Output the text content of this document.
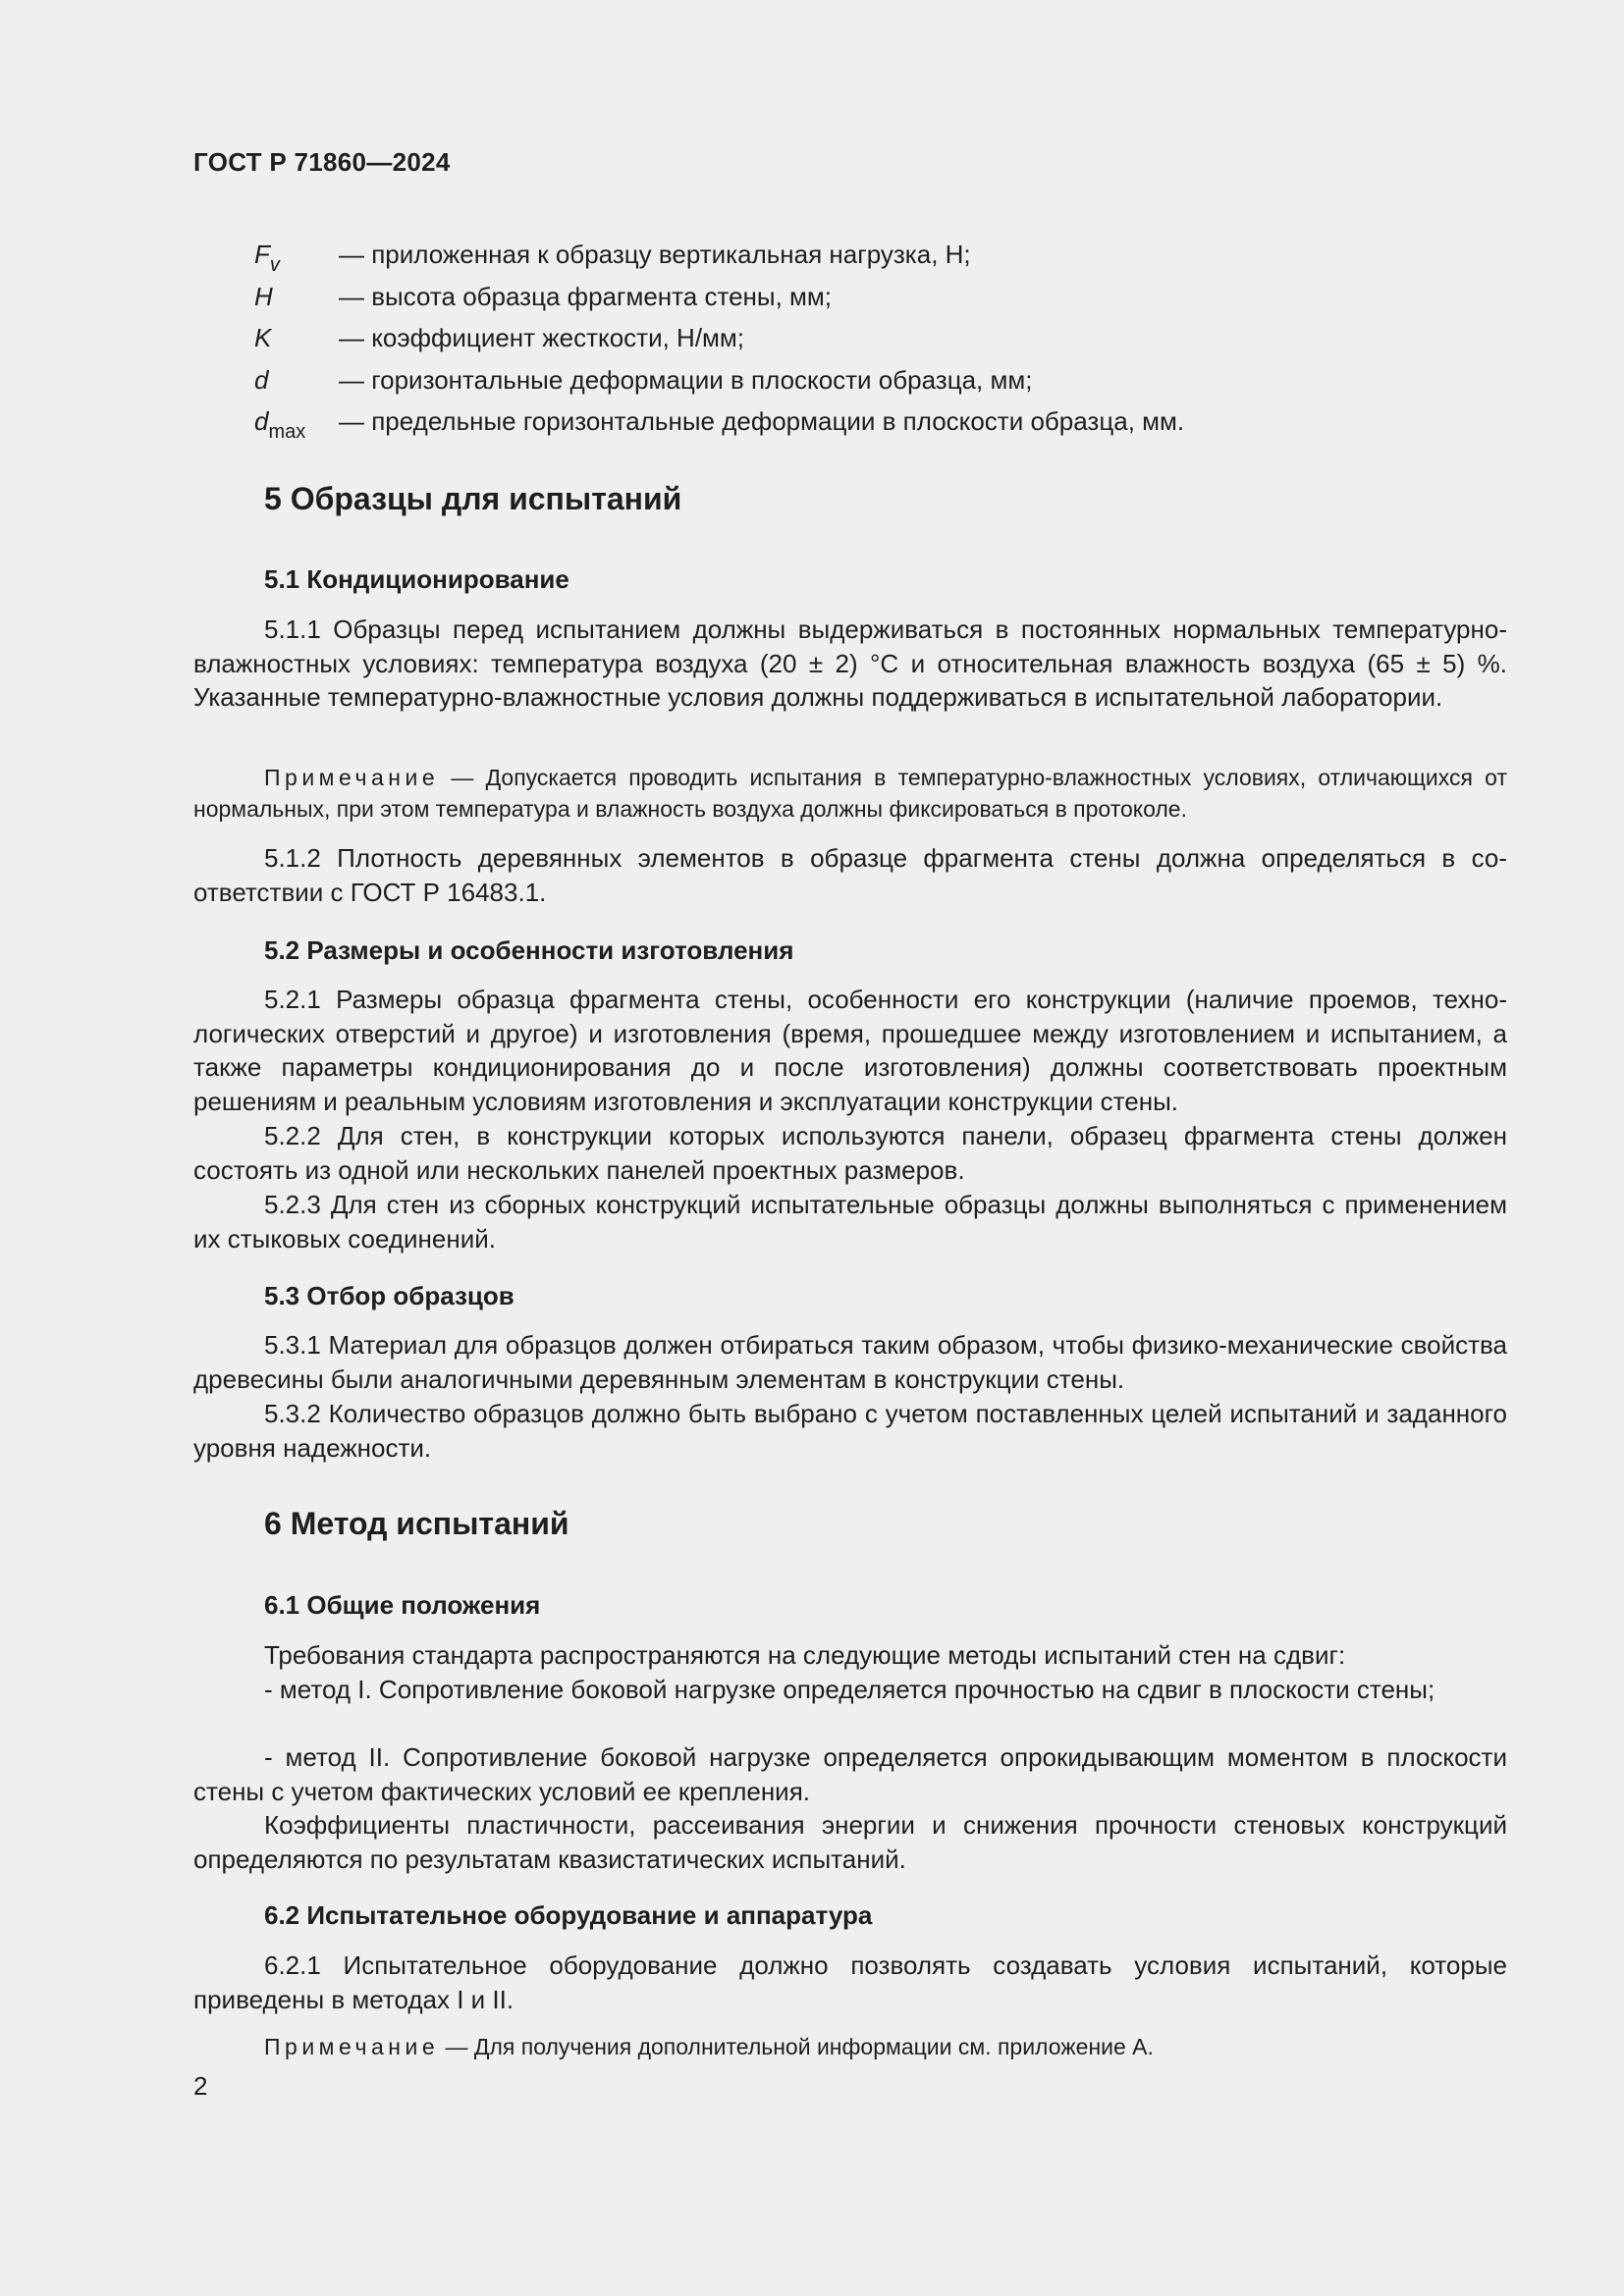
ГОСТ Р 71860—2024
$F_v$	— приложенная к образцу вертикальная нагрузка, Н;
H	— высота образца фрагмента стены, мм;
K	— коэффициент жесткости, Н/мм;
d	— горизонтальные деформации в плоскости образца, мм;
$d_{max}$	— предельные горизонтальные деформации в плоскости образца, мм.
5 Образцы для испытаний
5.1 Кондиционирование

5.1.1 Образцы перед испытанием должны выдерживаться в постоянных нормальных температурно-влажностных условиях: температура воздуха (20 ± 2) °С и относительная влажность воздуха (65 ± 5) %. Указанные температурно-влажностные условия должны поддерживаться в испытательной лаборатории.

Примечание — Допускается проводить испытания в температурно-влажностных условиях, отличающихся от нормальных, при этом температура и влажность воздуха должны фиксироваться в протоколе.

5.1.2 Плотность деревянных элементов в образце фрагмента стены должна определяться в соответствии с ГОСТ Р 16483.1.

5.2 Размеры и особенности изготовления

5.2.1 Размеры образца фрагмента стены, особенности его конструкции (наличие проемов, технологических отверстий и другое) и изготовления (время, прошедшее между изготовлением и испытанием, а также параметры кондиционирования до и после изготовления) должны соответствовать проектным решениям и реальным условиям изготовления и эксплуатации конструкции стены.

5.2.2 Для стен, в конструкции которых используются панели, образец фрагмента стены должен состоять из одной или нескольких панелей проектных размеров.

5.2.3 Для стен из сборных конструкций испытательные образцы должны выполняться с применением их стыковых соединений.

5.3 Отбор образцов

5.3.1 Материал для образцов должен отбираться таким образом, чтобы физико-механические свойства древесины были аналогичными деревянным элементам в конструкции стены.

5.3.2 Количество образцов должно быть выбрано с учетом поставленных целей испытаний и заданного уровня надежности.

6 Метод испытаний
6.1 Общие положения

Требования стандарта распространяются на следующие методы испытаний стен на сдвиг:

- метод I. Сопротивление боковой нагрузке определяется прочностью на сдвиг в плоскости стены;

- метод II. Сопротивление боковой нагрузке определяется опрокидывающим моментом в плоскости стены с учетом фактических условий ее крепления.

Коэффициенты пластичности, рассеивания энергии и снижения прочности стеновых конструкций определяются по результатам квазистатических испытаний.

6.2 Испытательное оборудование и аппаратура

6.2.1 Испытательное оборудование должно позволять создавать условия испытаний, которые приведены в методах I и II.

Примечание — Для получения дополнительной информации см. приложение А.

2
